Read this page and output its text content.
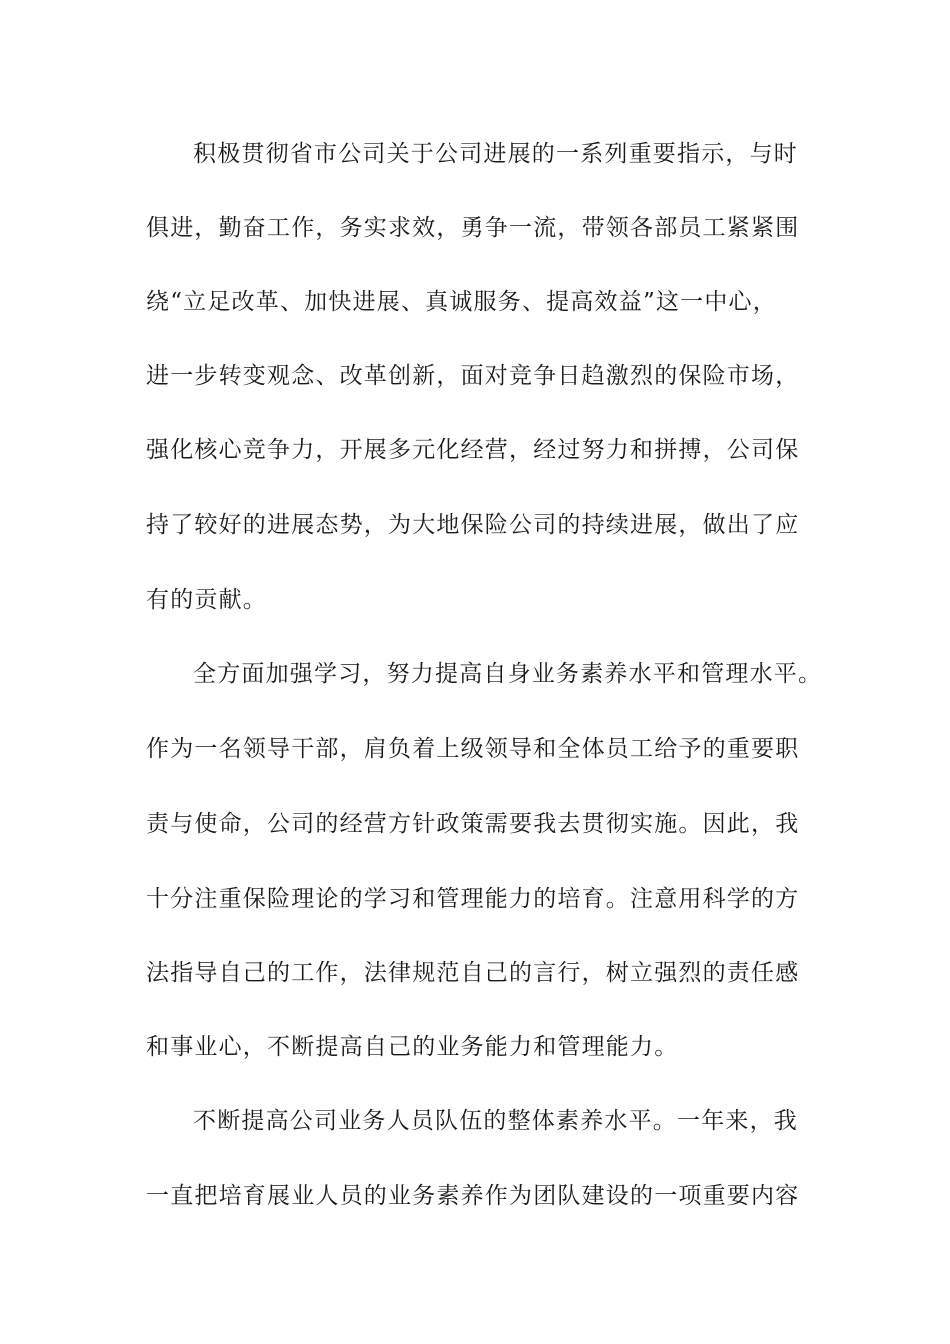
积极贯彻省市公司关于公司进展的一系列重要指示，与时
俱进，勤奋工作，务实求效，勇争一流，带领各部员工紧紧围
绕“立足改革、加快进展、真诚服务、提高效益”这一中心，
进一步转变观念、改革创新，面对竞争日趋激烈的保险市场，
强化核心竞争力，开展多元化经营，经过努力和拼搏，公司保
持了较好的进展态势，为大地保险公司的持续进展，做出了应
有的贡献。
全方面加强学习，努力提高自身业务素养水平和管理水平。
作为一名领导干部，肩负着上级领导和全体员工给予的重要职
责与使命，公司的经营方针政策需要我去贯彻实施。因此，我
十分注重保险理论的学习和管理能力的培育。注意用科学的方
法指导自己的工作，法律规范自己的言行，树立强烈的责任感
和事业心，不断提高自己的业务能力和管理能力。
不断提高公司业务人员队伍的整体素养水平。一年来，我
一直把培育展业人员的业务素养作为团队建设的一项重要内容
